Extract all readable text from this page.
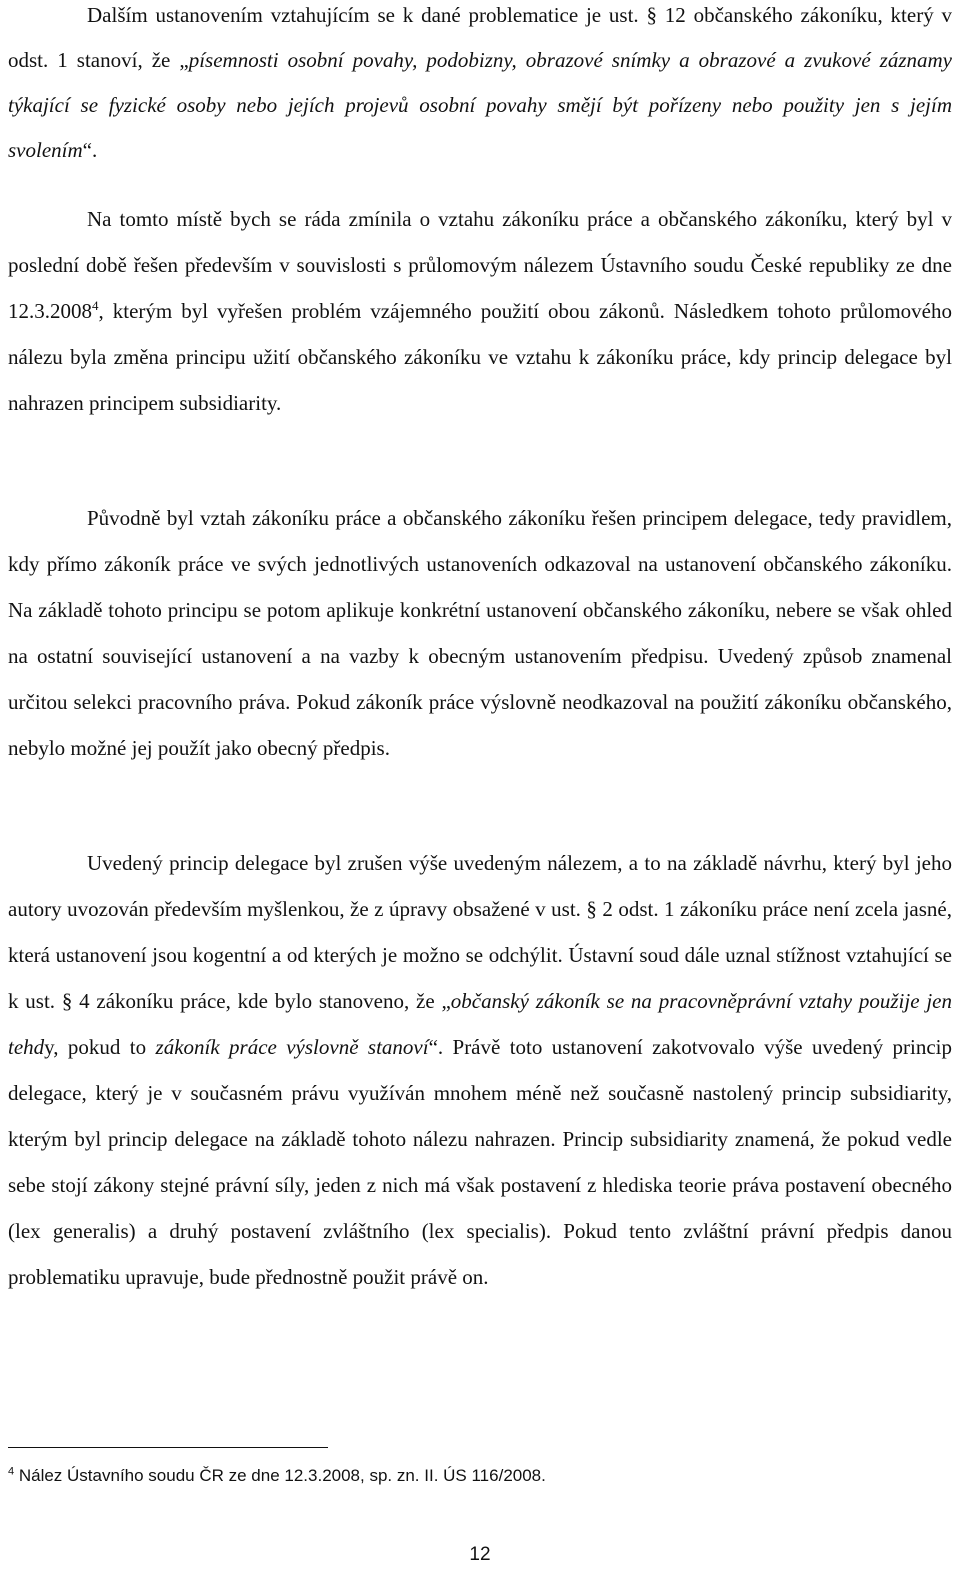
Dalším ustanovením vztahujícím se k dané problematice je ust. § 12 občanského zákoníku, který v odst. 1 stanoví, že „písemnosti osobní povahy, podobizny, obrazové snímky a obrazové a zvukové záznamy týkající se fyzické osoby nebo jejích projevů osobní povahy smějí být pořízeny nebo použity jen s jejím svolením“.

Na tomto místě bych se ráda zmínila o vztahu zákoníku práce a občanského zákoníku, který byl v poslední době řešen především v souvislosti s průlomovým nálezem Ústavního soudu České republiky ze dne 12.3.2008$^4$, kterým byl vyřešen problém vzájemného použití obou zákonů. Následkem tohoto průlomového nálezu byla změna principu užití občanského zákoníku ve vztahu k zákoníku práce, kdy princip delegace byl nahrazen principem subsidiarity.

Původně byl vztah zákoníku práce a občanského zákoníku řešen principem delegace, tedy pravidlem, kdy přímo zákoník práce ve svých jednotlivých ustanoveních odkazoval na ustanovení občanského zákoníku. Na základě tohoto principu se potom aplikuje konkrétní ustanovení občanského zákoníku, nebere se však ohled na ostatní související ustanovení a na vazby k obecným ustanovením předpisu. Uvedený způsob znamenal určitou selekci pracovního práva. Pokud zákoník práce výslovně neodkazoval na použití zákoníku občanského, nebylo možné jej použít jako obecný předpis.

Uvedený princip delegace byl zrušen výše uvedeným nálezem, a to na základě návrhu, který byl jeho autory uvozován především myšlenkou, že z úpravy obsažené v ust. § 2 odst. 1 zákoníku práce není zcela jasné, která ustanovení jsou kogentní a od kterých je možno se odchýlit. Ústavní soud dále uznal stížnost vztahující se k ust. § 4 zákoníku práce, kde bylo stanoveno, že „občanský zákoník se na pracovněprávní vztahy použije jen tehdy, pokud to zákoník práce výslovně stanoví“. Právě toto ustanovení zakotvovalo výše uvedený princip delegace, který je v současném právu využíván mnohem méně než současně nastolený princip subsidiarity, kterým byl princip delegace na základě tohoto nálezu nahrazen. Princip subsidiarity znamená, že pokud vedle sebe stojí zákony stejné právní síly, jeden z nich má však postavení z hlediska teorie práva postavení obecného (lex generalis) a druhý postavení zvláštního (lex specialis). Pokud tento zvláštní právní předpis danou problematiku upravuje, bude přednostně použit právě on.

$^4$ Nález Ústavního soudu ČR ze dne 12.3.2008, sp. zn. II. ÚS 116/2008.
12
